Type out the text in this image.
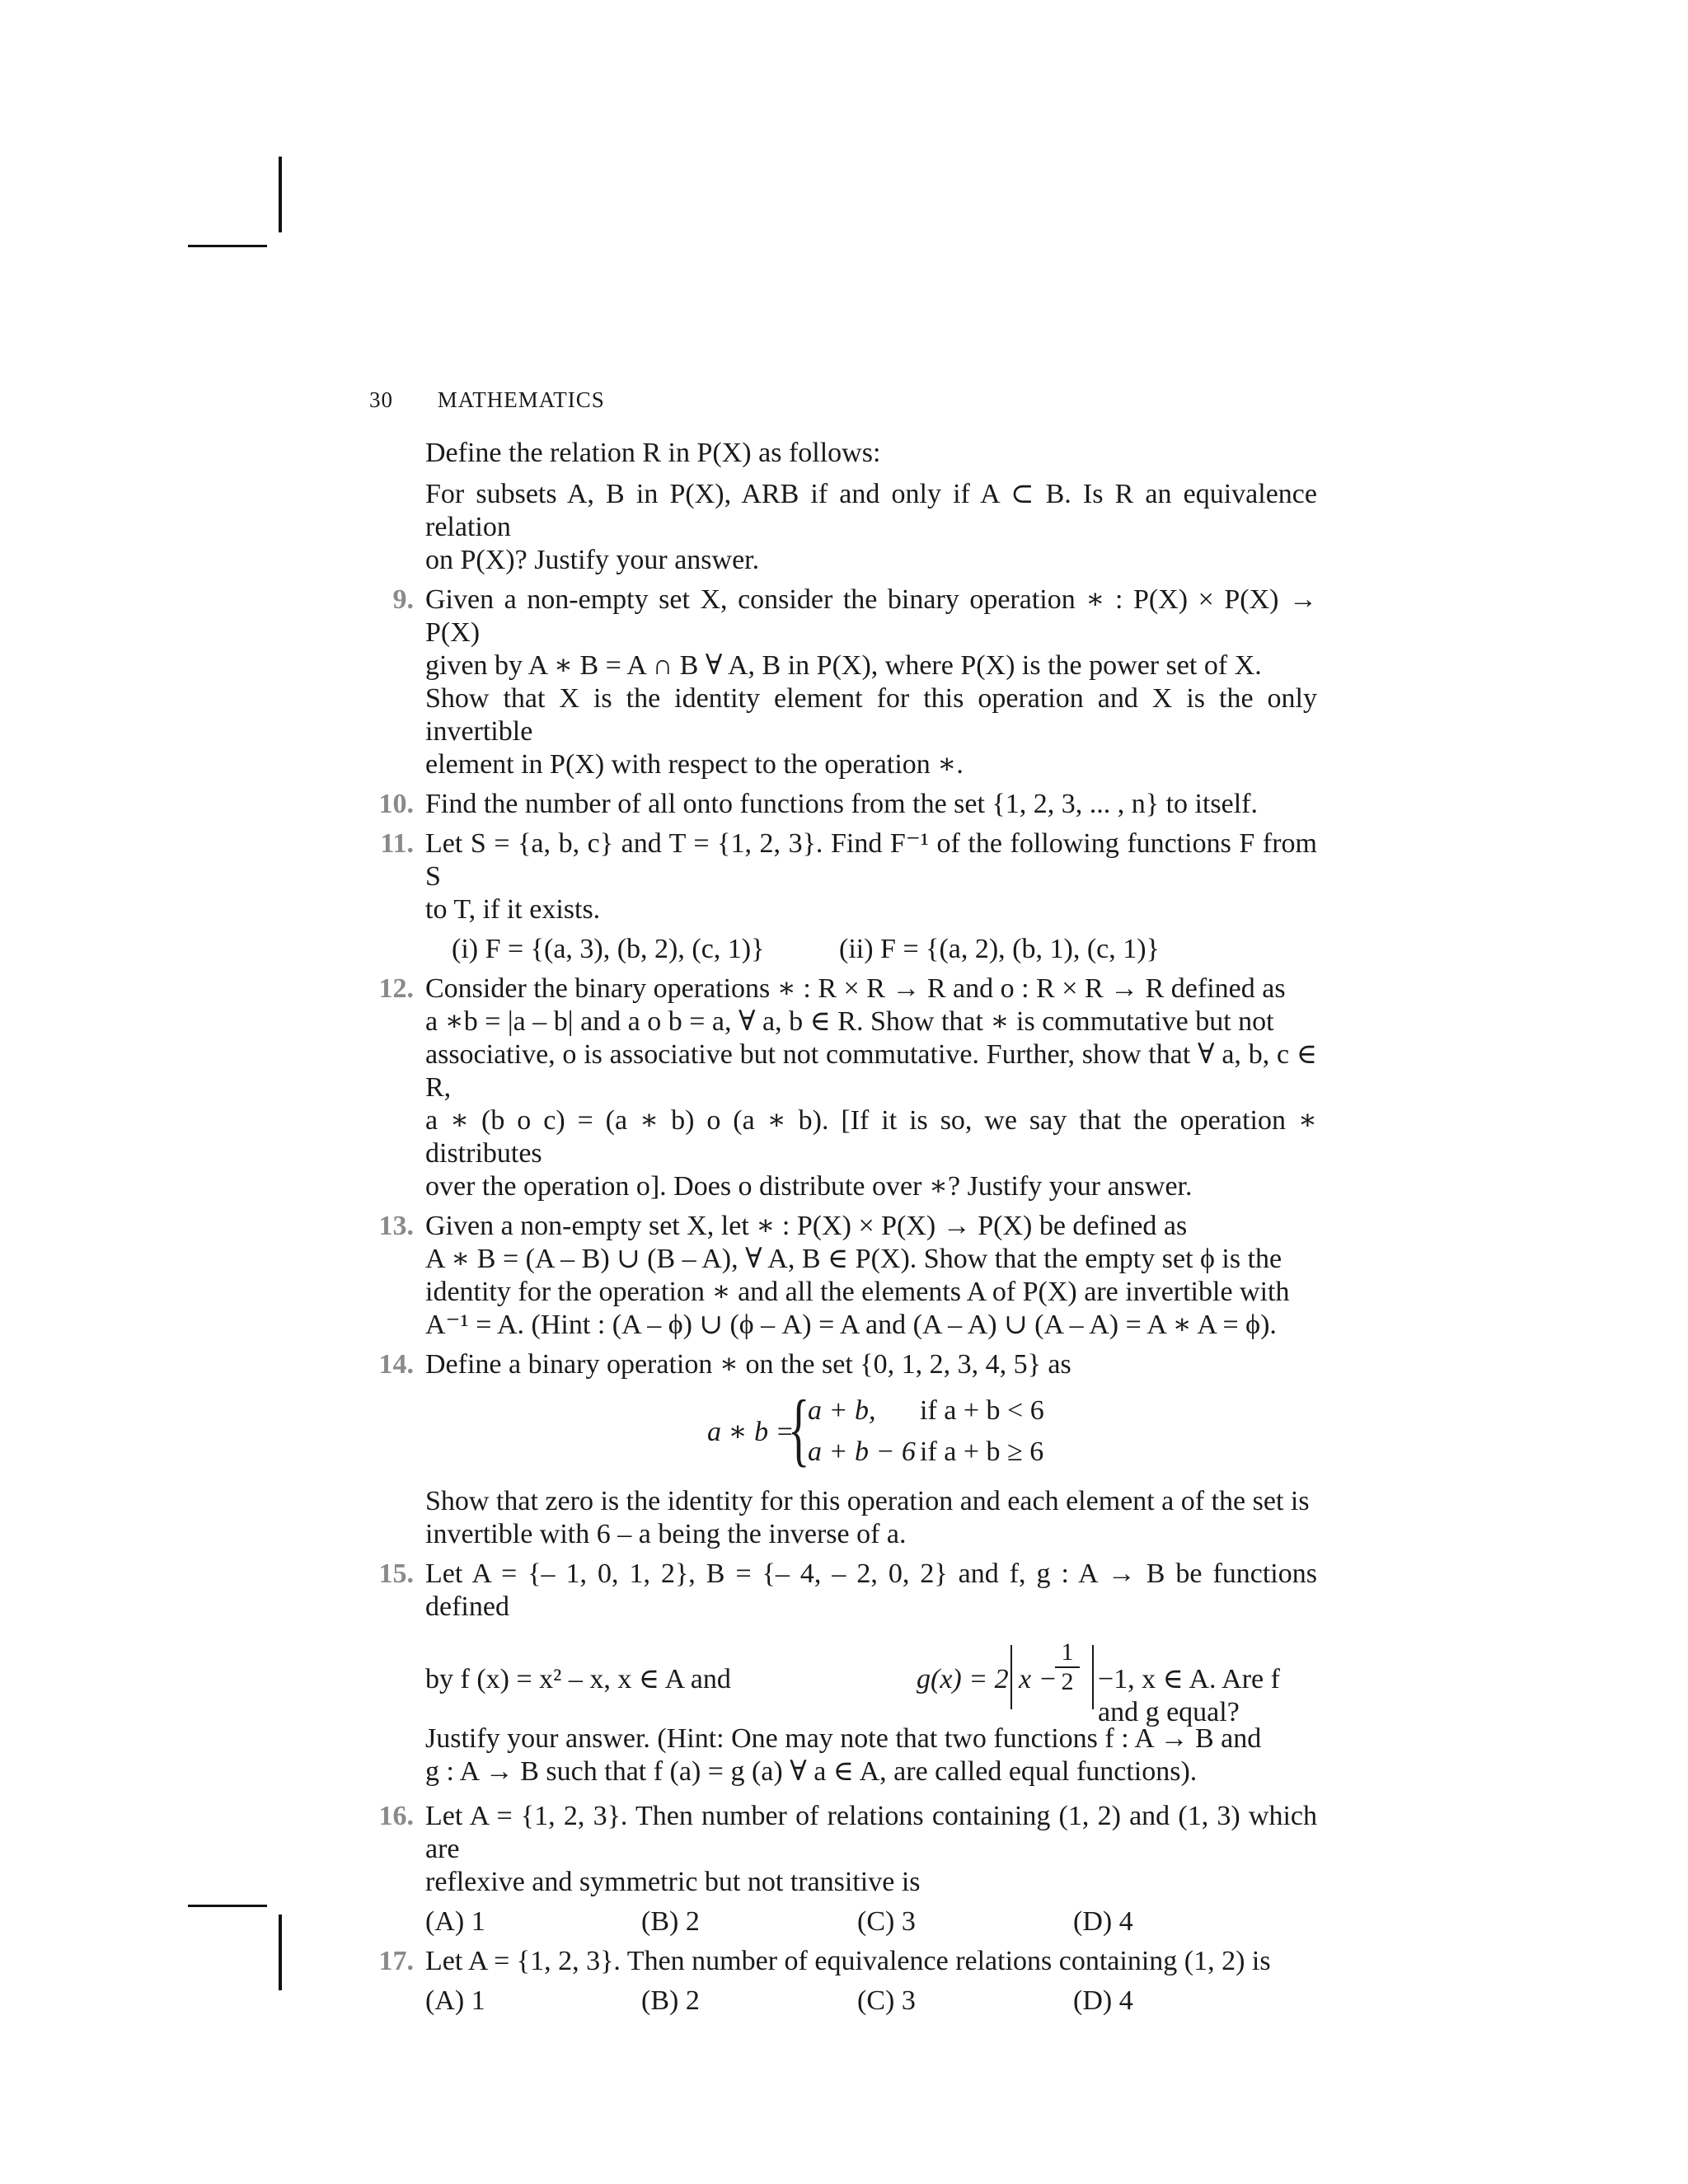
30 MATHEMATICS
Define the relation R in P(X) as follows:
For subsets A, B in P(X), ARB if and only if A ⊂ B. Is R an equivalence relation
on P(X)? Justify your answer.
9. Given a non-empty set X, consider the binary operation ∗ : P(X) × P(X) → P(X)
given by A ∗ B = A ∩ B ∀ A, B in P(X), where P(X) is the power set of X.
Show that X is the identity element for this operation and X is the only invertible
element in P(X) with respect to the operation ∗.
10. Find the number of all onto functions from the set {1, 2, 3, ... , n} to itself.
11. Let S = {a, b, c} and T = {1, 2, 3}. Find F⁻¹ of the following functions F from S
to T, if it exists.
(i) F = {(a, 3), (b, 2), (c, 1)}	(ii) F = {(a, 2), (b, 1), (c, 1)}
12. Consider the binary operations ∗ : R × R → R and o : R × R → R defined as
a ∗b = |a – b| and a o b = a, ∀ a, b ∈ R. Show that ∗ is commutative but not
associative, o is associative but not commutative. Further, show that ∀ a, b, c ∈ R,
a ∗ (b o c) = (a ∗ b) o (a ∗ b). [If it is so, we say that the operation ∗ distributes
over the operation o]. Does o distribute over ∗? Justify your answer.
13. Given a non-empty set X, let ∗ : P(X) × P(X) → P(X) be defined as
A ∗ B = (A – B) ∪ (B – A), ∀ A, B ∈ P(X). Show that the empty set ϕ is the
identity for the operation ∗ and all the elements A of P(X) are invertible with
A⁻¹ = A. (Hint : (A – ϕ) ∪ (ϕ – A) = A and (A – A) ∪ (A – A) = A ∗ A = ϕ).
14. Define a binary operation ∗ on the set {0, 1, 2, 3, 4, 5} as
a ∗ b =
{
a + b, if a + b < 6
a + b − 6 if a + b ≥ 6
Show that zero is the identity for this operation and each element a of the set is
invertible with 6 – a being the inverse of a.
15. Let A = {– 1, 0, 1, 2}, B = {– 4, – 2, 0, 2} and f, g : A → B be functions defined
by f (x) = x² – x, x ∈ A and	g(x) = 2 x −
$\frac{1}{2} -1$, x ∈ A. Are f and g equal?
Justify your answer. (Hint: One may note that two functions f : A → B and
g : A → B such that f (a) = g (a) ∀ a ∈ A, are called equal functions).
16. Let A = {1, 2, 3}. Then number of relations containing (1, 2) and (1, 3) which are
reflexive and symmetric but not transitive is
(A) 1	(B) 2	(C) 3	(D) 4
17. Let A = {1, 2, 3}. Then number of equivalence relations containing (1, 2) is
(A) 1	(B) 2	(C) 3	(D) 4
